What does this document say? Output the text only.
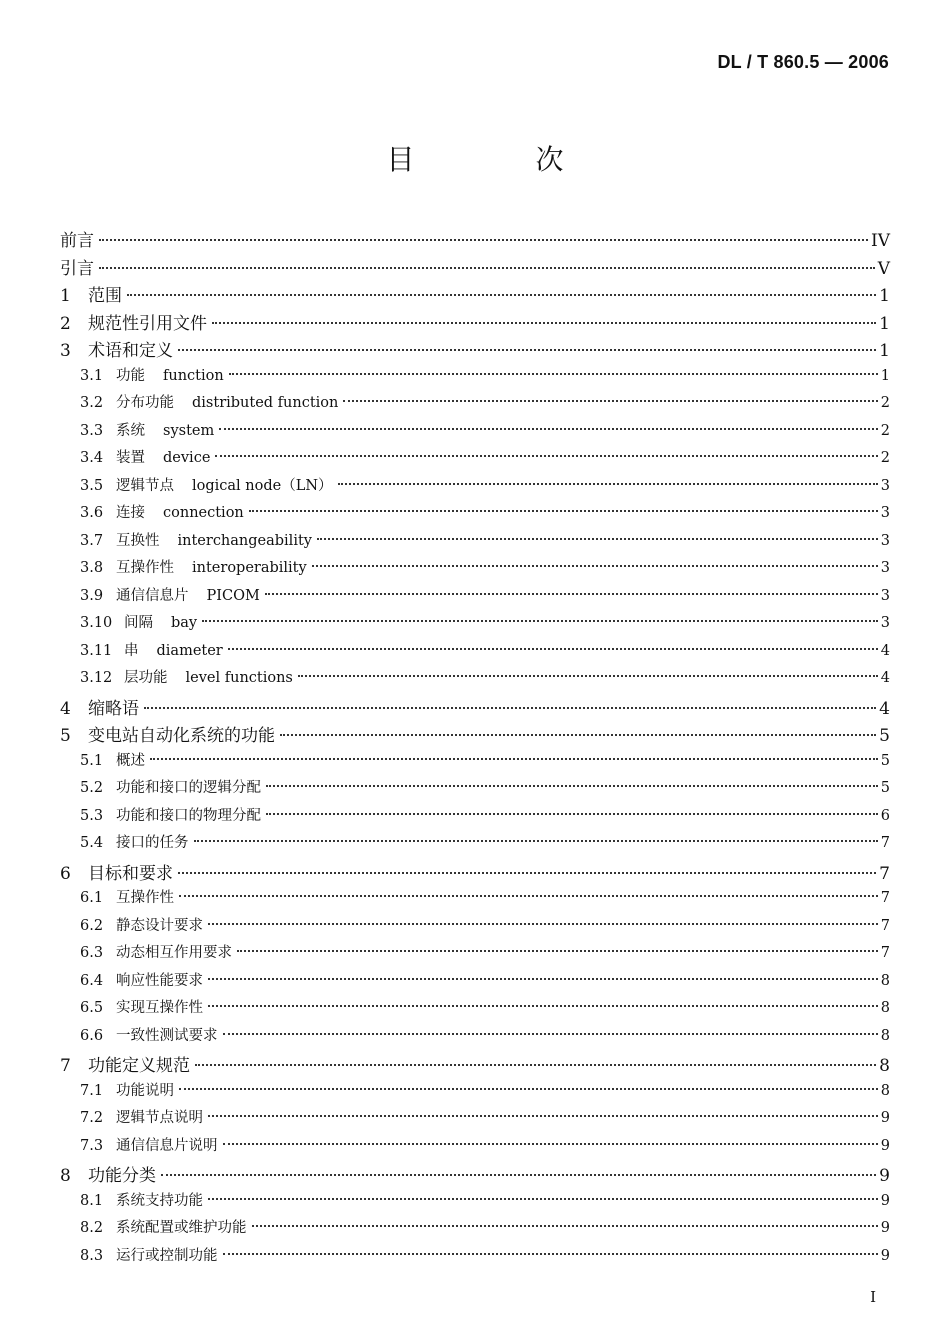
DL / T 860.5 — 2006
目 次
前言	IV
引言	V
1	范围	1
2	规范性引用文件	1
3	术语和定义	1
3.1 功能	function	1
3.2 分布功能	distributed function	2
3.3 系统	system	2
3.4 装置	device	2
3.5 逻辑节点	logical node（LN）	3
3.6 连接	connection	3
3.7 互换性	interchangeability	3
3.8 互操作性	interoperability	3
3.9 通信信息片	PICOM	3
3.10 间隔	bay	3
3.11 串	diameter	4
3.12 层功能	level functions	4
4	缩略语	4
5	变电站自动化系统的功能	5
5.1 概述	5
5.2 功能和接口的逻辑分配	5
5.3 功能和接口的物理分配	6
5.4 接口的任务	7
6	目标和要求	7
6.1 互操作性	7
6.2 静态设计要求	7
6.3 动态相互作用要求	7
6.4 响应性能要求	8
6.5 实现互操作性	8
6.6 一致性测试要求	8
7	功能定义规范	8
7.1 功能说明	8
7.2 逻辑节点说明	9
7.3 通信信息片说明	9
8	功能分类	9
8.1 系统支持功能	9
8.2 系统配置或维护功能	9
8.3 运行或控制功能	9
I
